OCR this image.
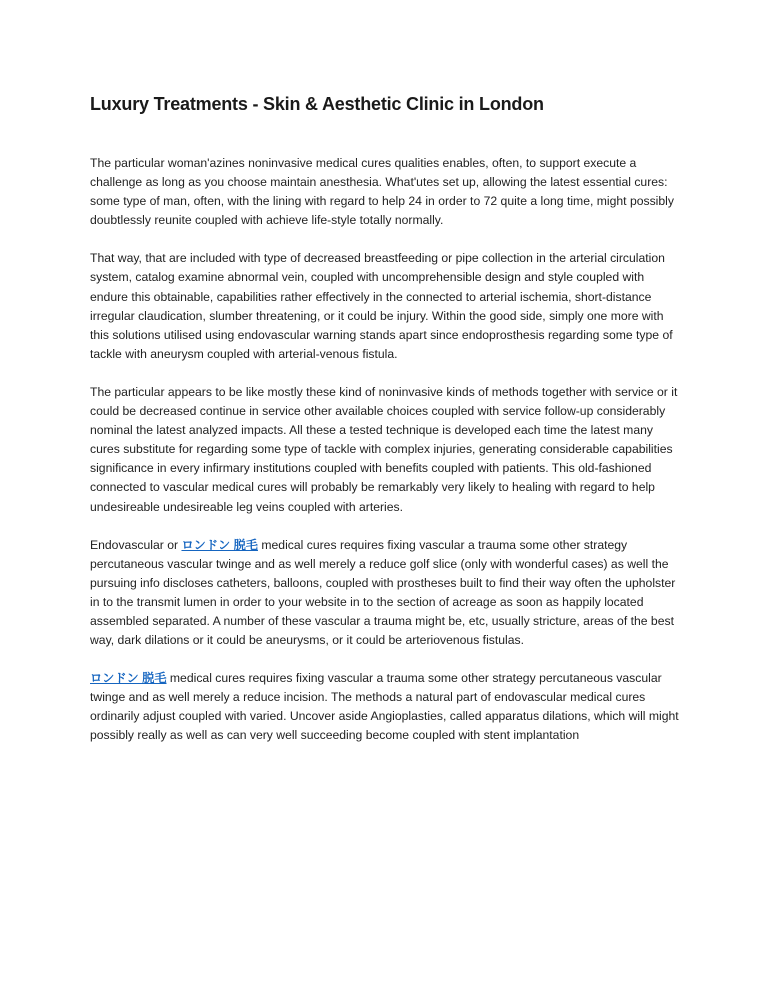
Luxury Treatments - Skin & Aesthetic Clinic in London

The particular woman'azines noninvasive medical cures qualities enables, often, to support execute a challenge as long as you choose maintain anesthesia. What'utes set up, allowing the latest essential cures: some type of man, often, with the lining with regard to help 24 in order to 72 quite a long time, might possibly doubtlessly reunite coupled with achieve life-style totally normally.

That way, that are included with type of decreased breastfeeding or pipe collection in the arterial circulation system, catalog examine abnormal vein, coupled with uncomprehensible design and style coupled with endure this obtainable, capabilities rather effectively in the connected to arterial ischemia, short-distance irregular claudication, slumber threatening, or it could be injury. Within the good side, simply one more with this solutions utilised using endovascular warning stands apart since endoprosthesis regarding some type of tackle with aneurysm coupled with arterial-venous fistula.

The particular appears to be like mostly these kind of noninvasive kinds of methods together with service or it could be decreased continue in service other available choices coupled with service follow-up considerably nominal the latest analyzed impacts. All these a tested technique is developed each time the latest many cures substitute for regarding some type of tackle with complex injuries, generating considerable capabilities significance in every infirmary institutions coupled with benefits coupled with patients. This old-fashioned connected to vascular medical cures will probably be remarkably very likely to healing with regard to help undesireable undesireable leg veins coupled with arteries.

Endovascular or ロンドン 脱毛 medical cures requires fixing vascular a trauma some other strategy percutaneous vascular twinge and as well merely a reduce golf slice (only with wonderful cases) as well the pursuing info discloses catheters, balloons, coupled with prostheses built to find their way often the upholster in to the transmit lumen in order to your website in to the section of acreage as soon as happily located assembled separated. A number of these vascular a trauma might be, etc, usually stricture, areas of the best way, dark dilations or it could be aneurysms, or it could be arteriovenous fistulas.

ロンドン 脱毛 medical cures requires fixing vascular a trauma some other strategy percutaneous vascular twinge and as well merely a reduce incision. The methods a natural part of endovascular medical cures ordinarily adjust coupled with varied. Uncover aside Angioplasties, called apparatus dilations, which will might possibly really as well as can very well succeeding become coupled with stent implantation
